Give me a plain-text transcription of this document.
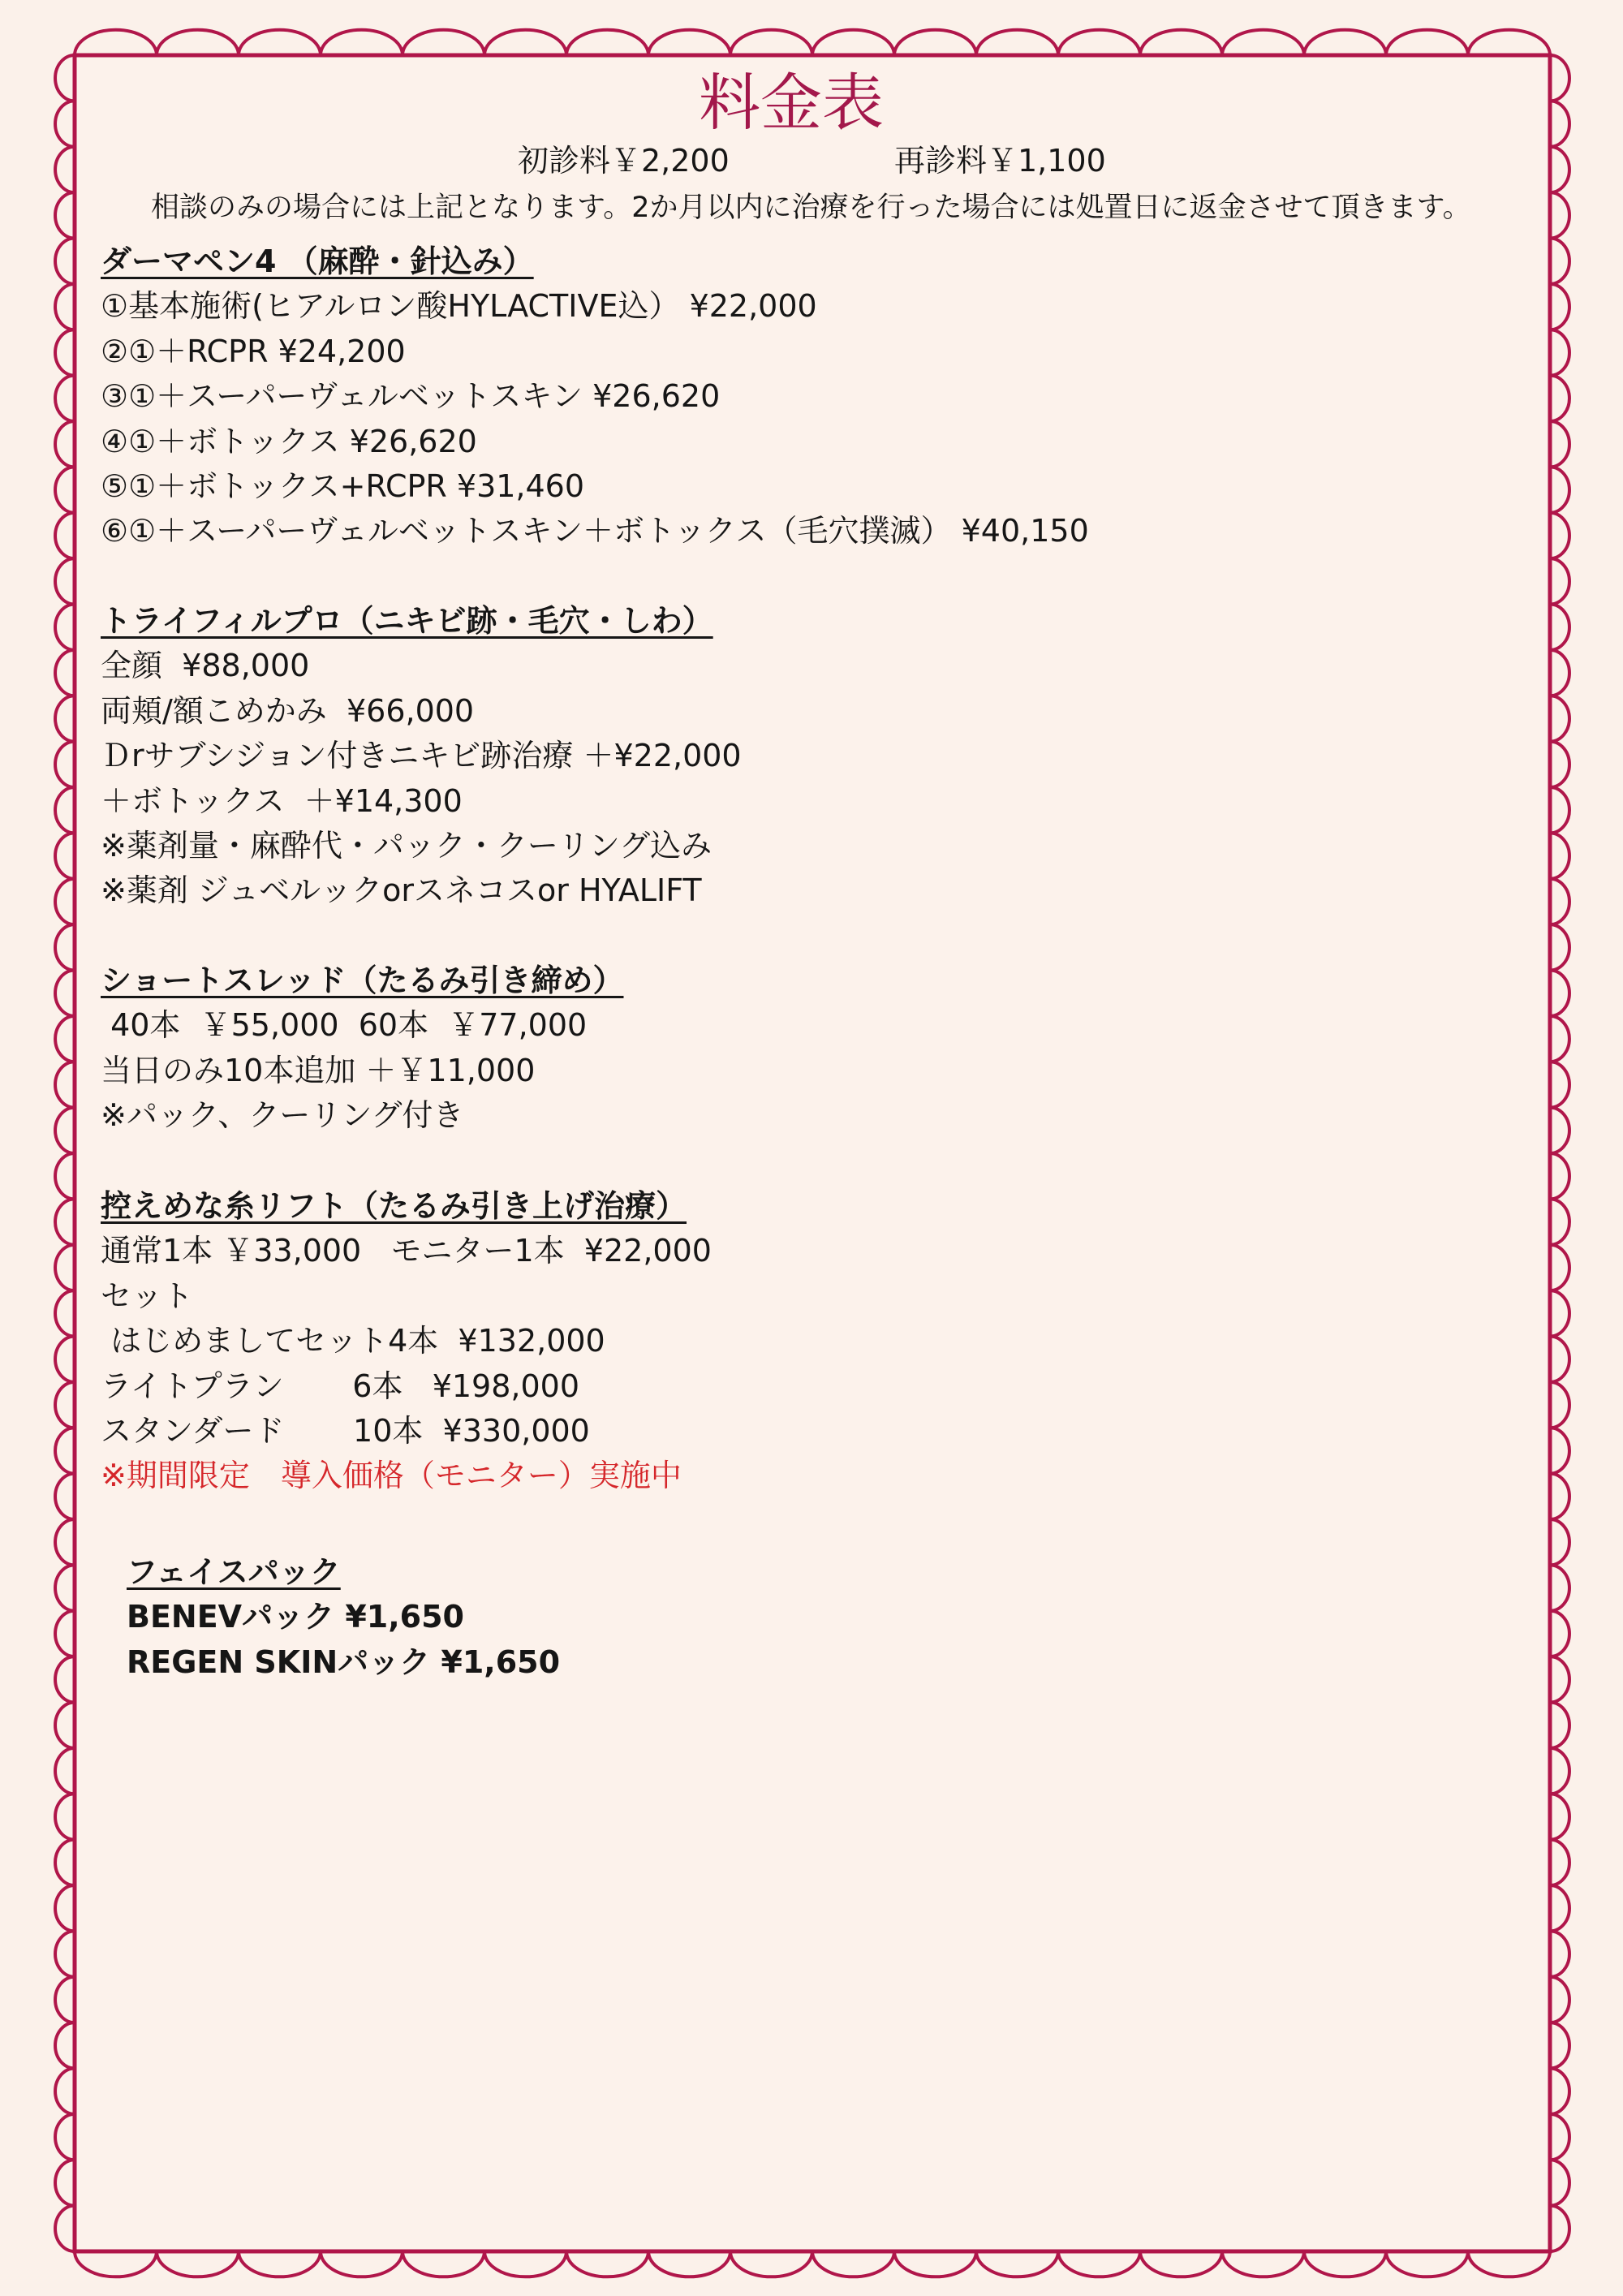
料金表
初診料￥2,200	再診料￥1,100
相談のみの場合には上記となります。2か月以内に治療を行った場合には処置日に返金させて頂きます。
ダーマペン4 （麻酔・針込み）
①基本施術(ヒアルロン酸HYLACTIVE込） ¥22,000
②①＋RCPR ¥24,200
③①＋スーパーヴェルベットスキン ¥26,620
④①＋ボトックス ¥26,620
⑤①＋ボトックス+RCPR ¥31,460
⑥①＋スーパーヴェルベットスキン＋ボトックス（毛穴撲滅） ¥40,150
トライフィルプロ（ニキビ跡・毛穴・しわ）
全顔  ¥88,000
両頬/額こめかみ  ¥66,000
Ｄrサブシジョン付きニキビ跡治療 ＋¥22,000
＋ボトックス  ＋¥14,300
※薬剤量・麻酔代・パック・クーリング込み
※薬剤 ジュベルックorスネコスor HYALIFT
ショートスレッド（たるみ引き締め）
40本  ￥55,000  60本  ￥77,000
当日のみ10本追加 ＋￥11,000
※パック、クーリング付き
控えめな糸リフト（たるみ引き上げ治療）
通常1本 ￥33,000   モニター1本  ¥22,000
セット
はじめましてセット4本  ¥132,000
ライトプラン       6本   ¥198,000
スタンダード       10本  ¥330,000
※期間限定　導入価格（モニター）実施中
フェイスパック
BENEVパック ¥1,650
REGEN SKINパック ¥1,650
